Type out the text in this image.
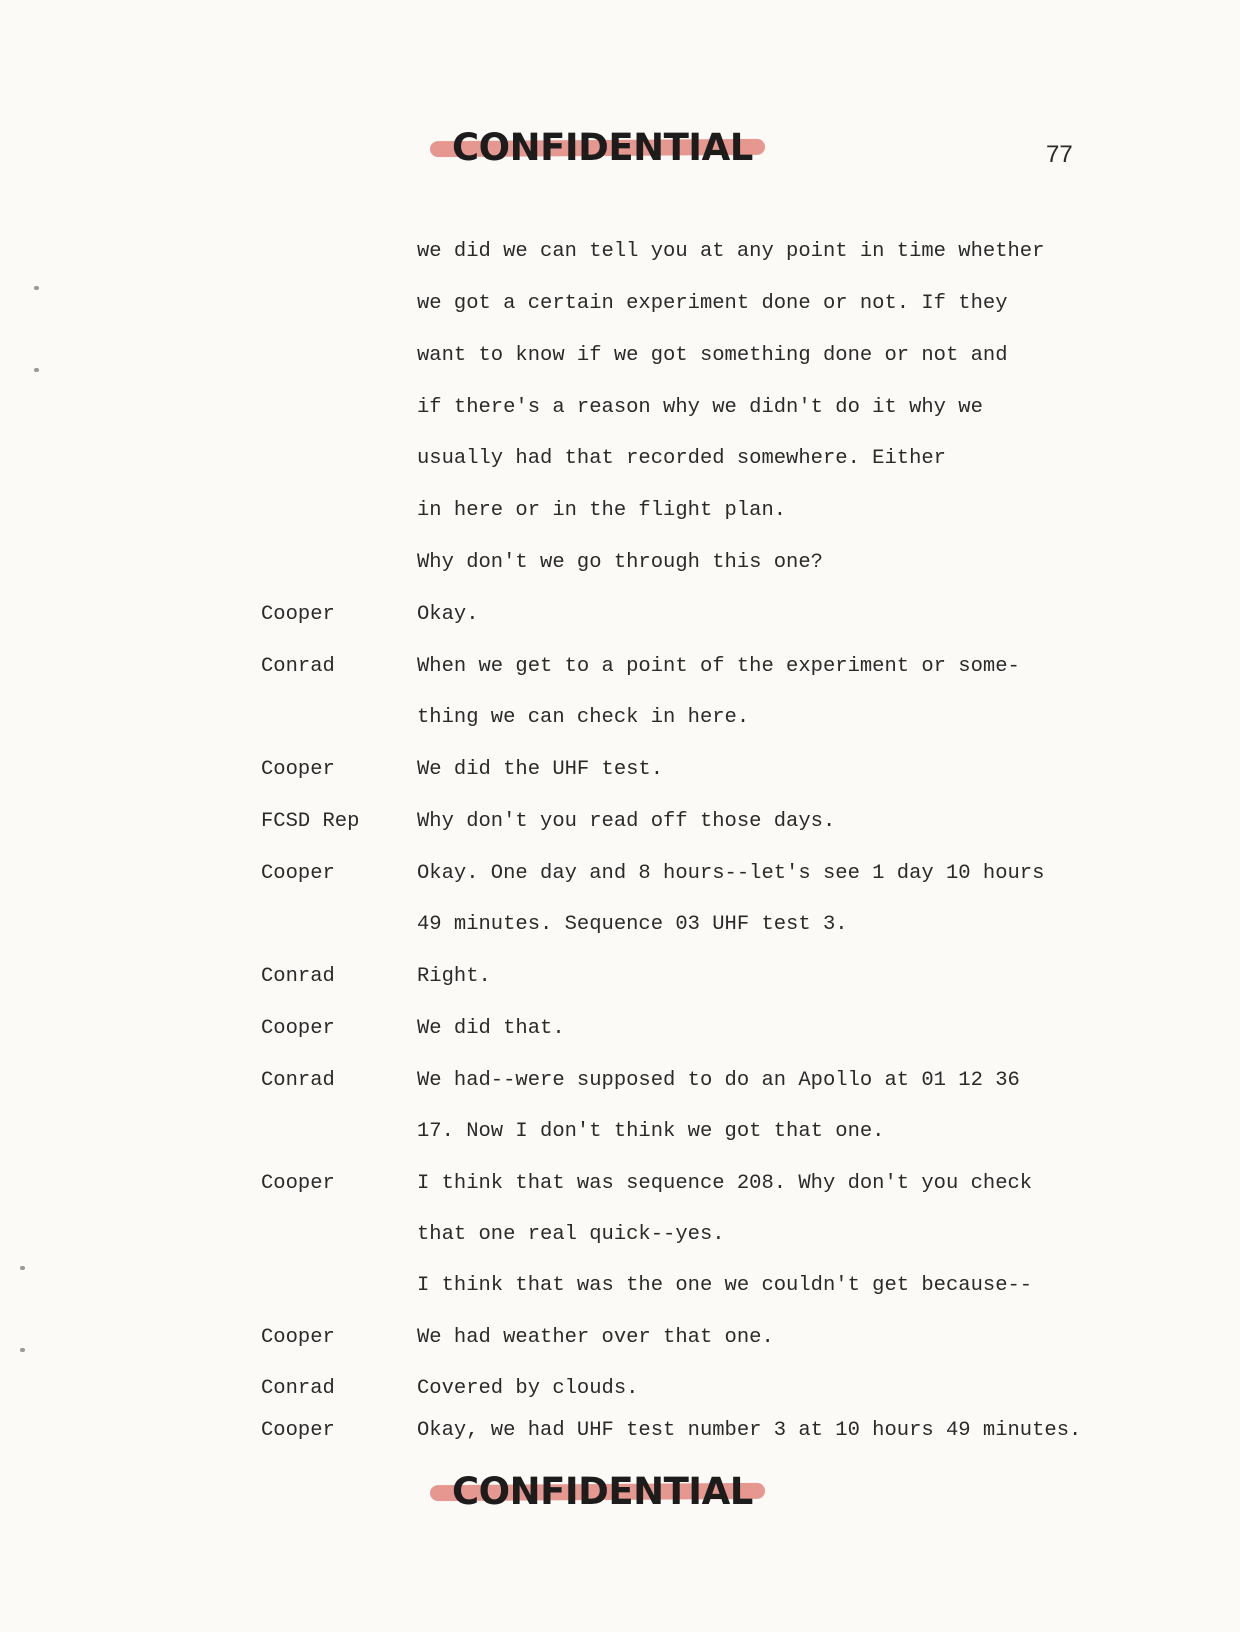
CONFIDENTIAL	77
we did we can tell you at any point in time whether
we got a certain experiment done or not. If they
want to know if we got something done or not and
if there's a reason why we didn't do it why we
usually had that recorded somewhere. Either
in here or in the flight plan.
Why don't we go through this one?
Cooper	Okay.
Conrad	When we get to a point of the experiment or some-
thing we can check in here.
Cooper	We did the UHF test.
FCSD Rep	Why don't you read off those days.
Cooper	Okay. One day and 8 hours--let's see 1 day 10 hours
49 minutes. Sequence 03 UHF test 3.
Conrad	Right.
Cooper	We did that.
Conrad	We had--were supposed to do an Apollo at 01 12 36
17. Now I don't think we got that one.
Cooper	I think that was sequence 208. Why don't you check
that one real quick--yes.
I think that was the one we couldn't get because--
Cooper	We had weather over that one.
Conrad	Covered by clouds.
Cooper	Okay, we had UHF test number 3 at 10 hours 49 minutes.
CONFIDENTIAL
